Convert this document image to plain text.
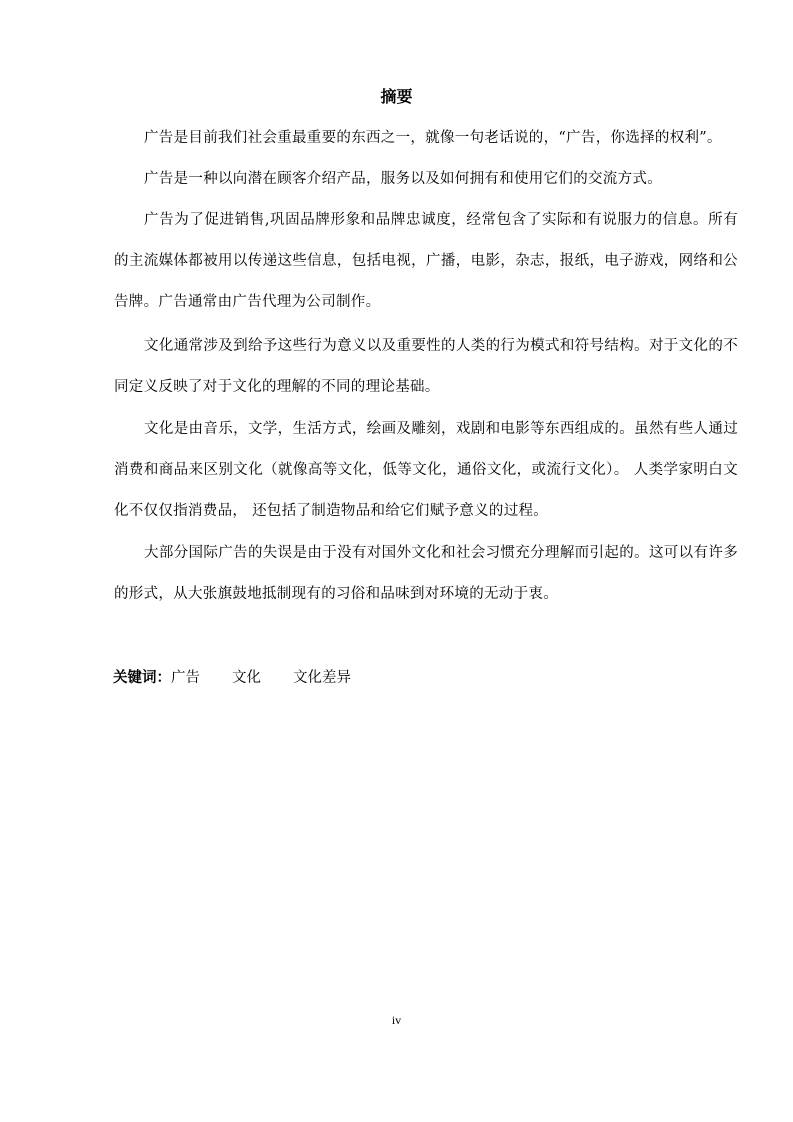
摘要

广告是目前我们社会重最重要的东西之一，就像一句老话说的，“广告，你选择的权利”。

广告是一种以向潜在顾客介绍产品，服务以及如何拥有和使用它们的交流方式。

广告为了促进销售,巩固品牌形象和品牌忠诚度，经常包含了实际和有说服力的信息。所有的主流媒体都被用以传递这些信息，包括电视，广播，电影，杂志，报纸，电子游戏，网络和公告牌。广告通常由广告代理为公司制作。

文化通常涉及到给予这些行为意义以及重要性的人类的行为模式和符号结构。对于文化的不同定义反映了对于文化的理解的不同的理论基础。

文化是由音乐，文学，生活方式，绘画及雕刻，戏剧和电影等东西组成的。虽然有些人通过消费和商品来区别文化（就像高等文化，低等文化，通俗文化，或流行文化）。 人类学家明白文化不仅仅指消费品， 还包括了制造物品和给它们赋予意义的过程。

大部分国际广告的失误是由于没有对国外文化和社会习惯充分理解而引起的。这可以有许多的形式，从大张旗鼓地抵制现有的习俗和品味到对环境的无动于衷。

关键词：广告 文化 文化差异
iv
